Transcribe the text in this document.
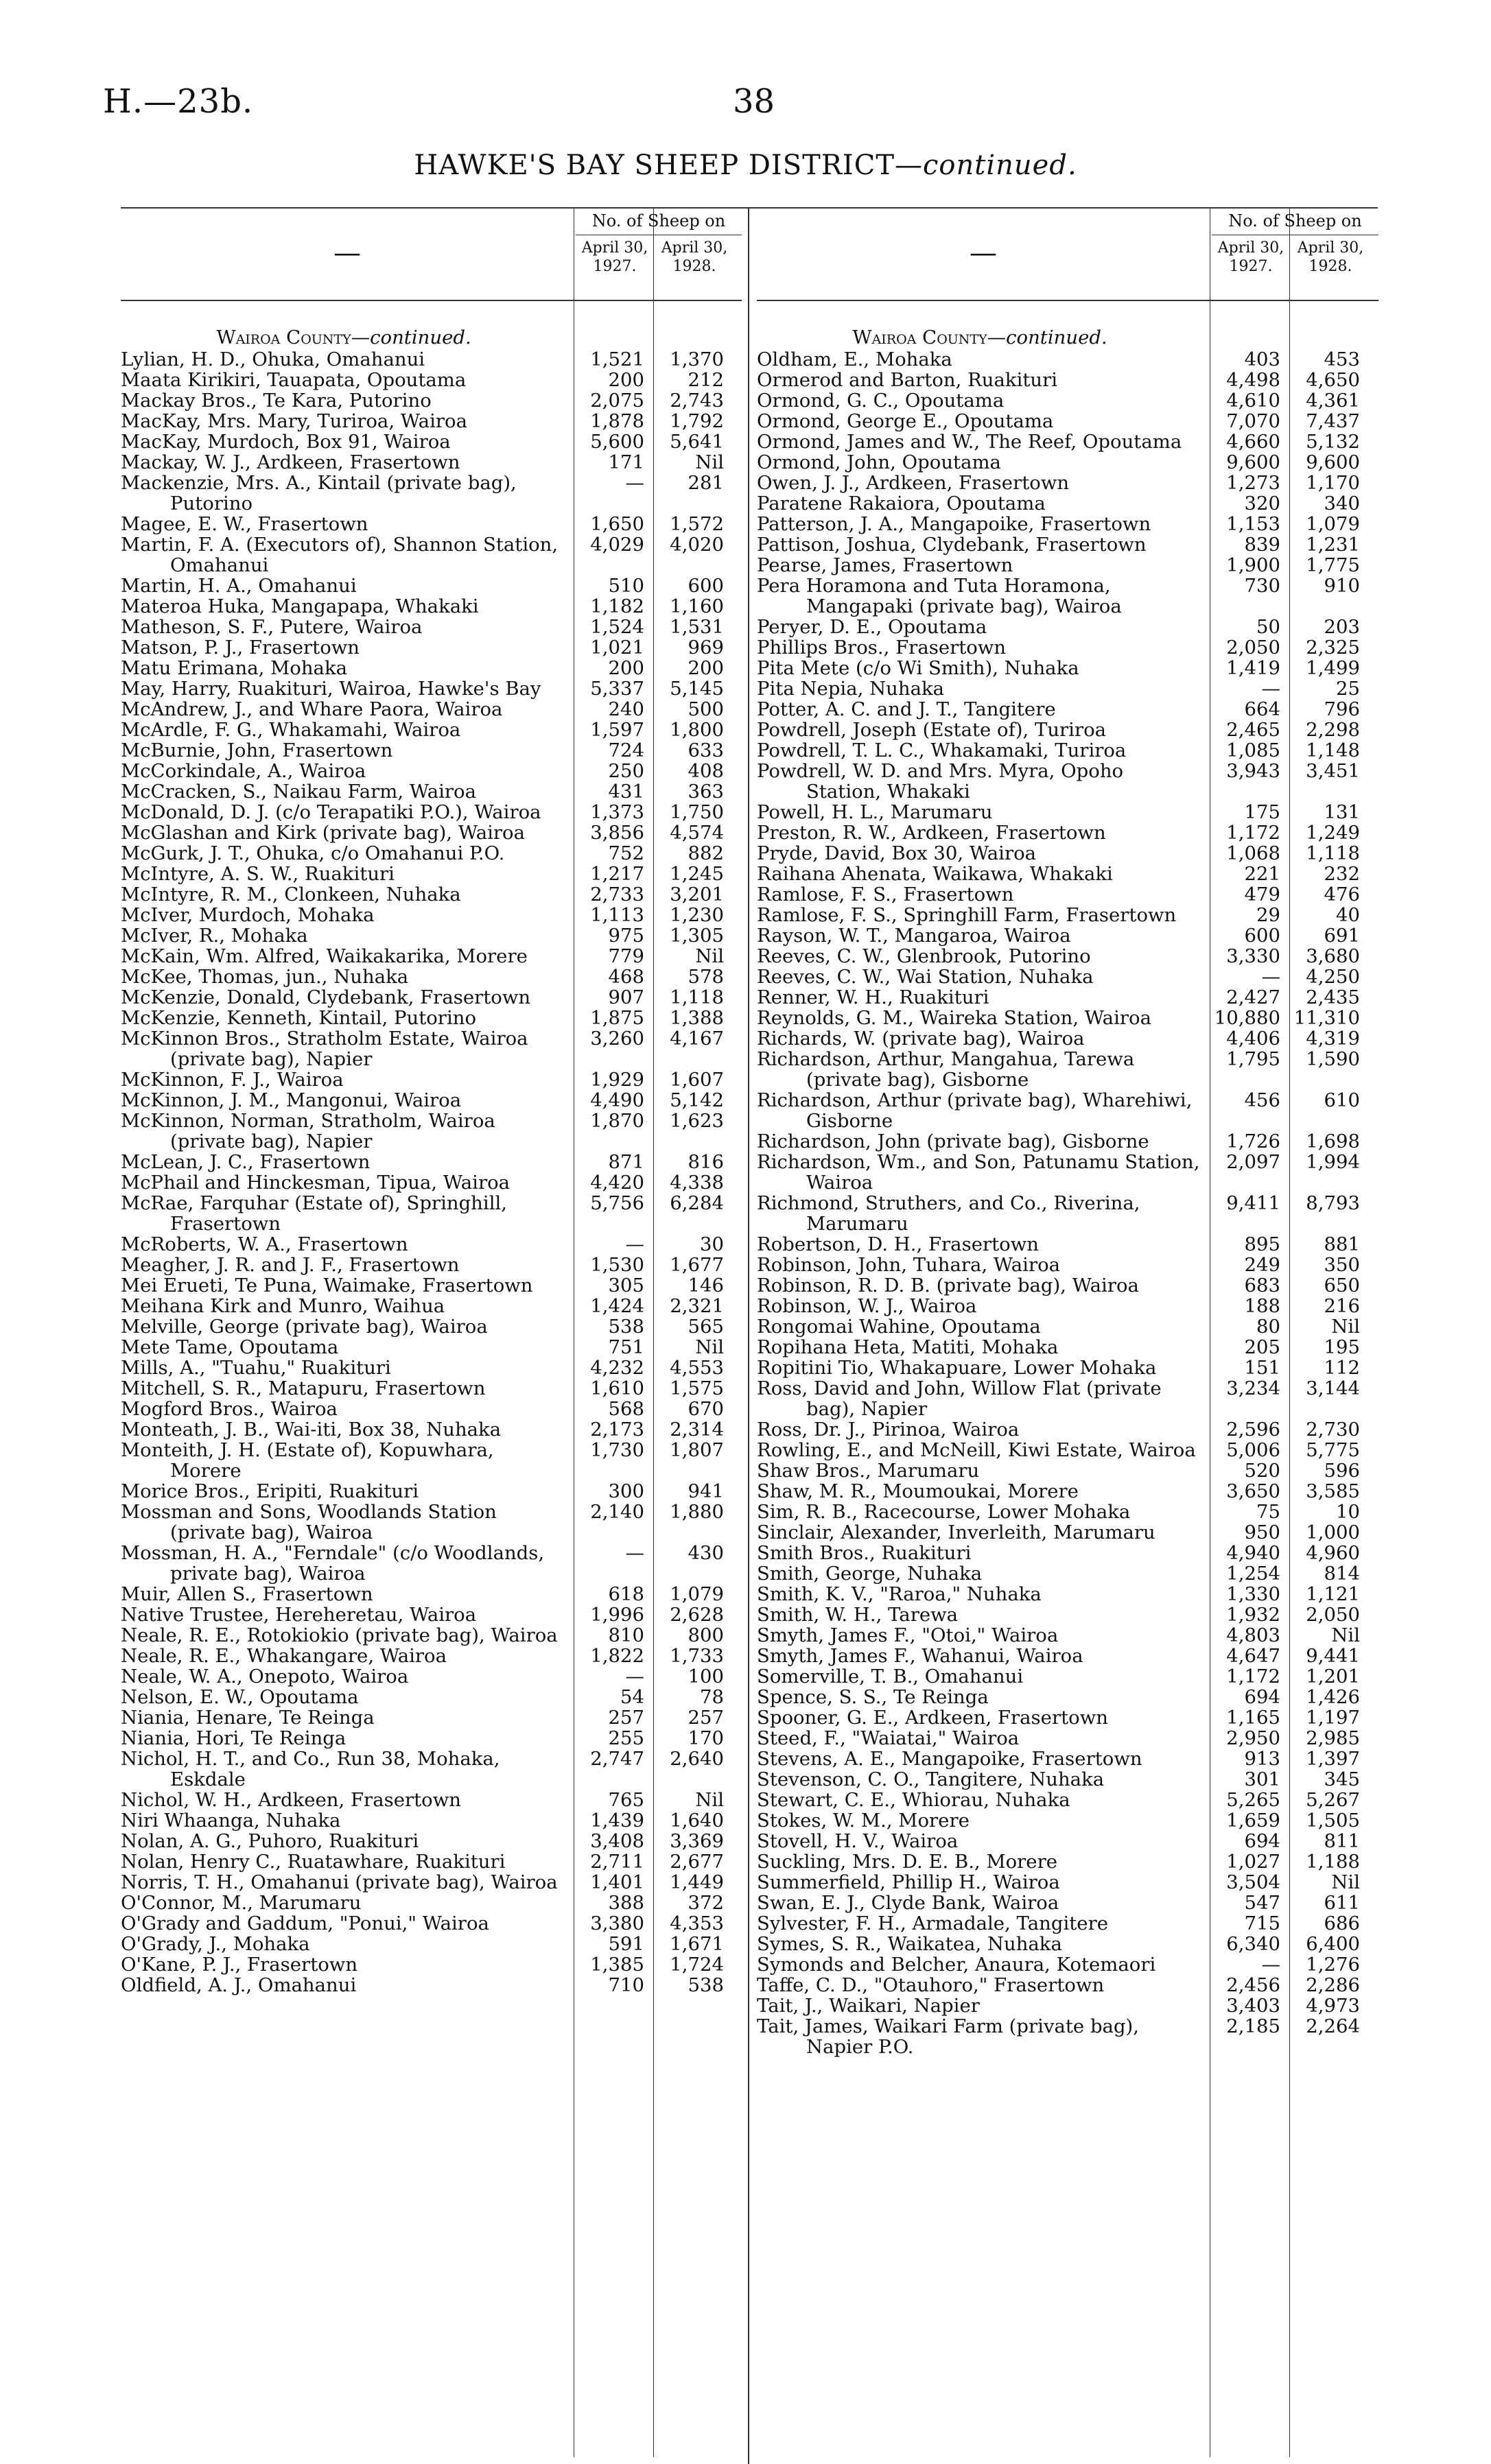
H.—23b.	38
HAWKE'S BAY SHEEP DISTRICT—continued.
—
No. of Sheep on
April 30,
1927.
April 30,
1928.
Wairoa County—continued.
Lylian, H. D., Ohuka, Omahanui	1,521	1,370
Maata Kirikiri, Tauapata, Opoutama	200	212
Mackay Bros., Te Kara, Putorino	2,075	2,743
MacKay, Mrs. Mary, Turiroa, Wairoa	1,878	1,792
MacKay, Murdoch, Box 91, Wairoa	5,600	5,641
Mackay, W. J., Ardkeen, Frasertown	171	Nil
Mackenzie, Mrs. A., Kintail (private bag), Putorino
—	281
Magee, E. W., Frasertown	1,650	1,572
Martin, F. A. (Executors of), Shannon Station, Omahanui
4,029	4,020
Martin, H. A., Omahanui	510	600
Materoa Huka, Mangapapa, Whakaki	1,182	1,160
Matheson, S. F., Putere, Wairoa	1,524	1,531
Matson, P. J., Frasertown	1,021	969
Matu Erimana, Mohaka	200	200
May, Harry, Ruakituri, Wairoa, Hawke's Bay	5,337	5,145
McAndrew, J., and Whare Paora, Wairoa	240	500
McArdle, F. G., Whakamahi, Wairoa	1,597	1,800
McBurnie, John, Frasertown	724	633
McCorkindale, A., Wairoa	250	408
McCracken, S., Naikau Farm, Wairoa	431	363
McDonald, D. J. (c/o Terapatiki P.O.), Wairoa	1,373	1,750
McGlashan and Kirk (private bag), Wairoa	3,856	4,574
McGurk, J. T., Ohuka, c/o Omahanui P.O.	752	882
McIntyre, A. S. W., Ruakituri	1,217	1,245
McIntyre, R. M., Clonkeen, Nuhaka	2,733	3,201
McIver, Murdoch, Mohaka	1,113	1,230
McIver, R., Mohaka	975	1,305
McKain, Wm. Alfred, Waikakarika, Morere	779	Nil
McKee, Thomas, jun., Nuhaka	468	578
McKenzie, Donald, Clydebank, Frasertown	907	1,118
McKenzie, Kenneth, Kintail, Putorino	1,875	1,388
McKinnon Bros., Stratholm Estate, Wairoa (private bag), Napier
3,260	4,167
McKinnon, F. J., Wairoa	1,929	1,607
McKinnon, J. M., Mangonui, Wairoa	4,490	5,142
McKinnon, Norman, Stratholm, Wairoa (private bag), Napier
1,870	1,623
McLean, J. C., Frasertown	871	816
McPhail and Hinckesman, Tipua, Wairoa	4,420	4,338
McRae, Farquhar (Estate of), Springhill, Frasertown
5,756	6,284
McRoberts, W. A., Frasertown	—	30
Meagher, J. R. and J. F., Frasertown	1,530	1,677
Mei Erueti, Te Puna, Waimake, Frasertown	305	146
Meihana Kirk and Munro, Waihua	1,424	2,321
Melville, George (private bag), Wairoa	538	565
Mete Tame, Opoutama	751	Nil
Mills, A., "Tuahu," Ruakituri	4,232	4,553
Mitchell, S. R., Matapuru, Frasertown	1,610	1,575
Mogford Bros., Wairoa	568	670
Monteath, J. B., Wai-iti, Box 38, Nuhaka	2,173	2,314
Monteith, J. H. (Estate of), Kopuwhara, Morere
1,730	1,807
Morice Bros., Eripiti, Ruakituri	300	941
Mossman and Sons, Woodlands Station (private bag), Wairoa
2,140	1,880
Mossman, H. A., "Ferndale" (c/o Woodlands, private bag), Wairoa
—	430
Muir, Allen S., Frasertown	618	1,079
Native Trustee, Hereheretau, Wairoa	1,996	2,628
Neale, R. E., Rotokiokio (private bag), Wairoa	810	800
Neale, R. E., Whakangare, Wairoa	1,822	1,733
Neale, W. A., Onepoto, Wairoa	—	100
Nelson, E. W., Opoutama	54	78
Niania, Henare, Te Reinga	257	257
Niania, Hori, Te Reinga	255	170
Nichol, H. T., and Co., Run 38, Mohaka, Eskdale
2,747	2,640
Nichol, W. H., Ardkeen, Frasertown	765	Nil
Niri Whaanga, Nuhaka	1,439	1,640
Nolan, A. G., Puhoro, Ruakituri	3,408	3,369
Nolan, Henry C., Ruatawhare, Ruakituri	2,711	2,677
Norris, T. H., Omahanui (private bag), Wairoa	1,401	1,449
O'Connor, M., Marumaru	388	372
O'Grady and Gaddum, "Ponui," Wairoa	3,380	4,353
O'Grady, J., Mohaka	591	1,671
O'Kane, P. J., Frasertown	1,385	1,724
Oldfield, A. J., Omahanui	710	538
—
No. of Sheep on
April 30,
1927.
April 30,
1928.
Wairoa County—continued.
Oldham, E., Mohaka	403	453
Ormerod and Barton, Ruakituri	4,498	4,650
Ormond, G. C., Opoutama	4,610	4,361
Ormond, George E., Opoutama	7,070	7,437
Ormond, James and W., The Reef, Opoutama	4,660	5,132
Ormond, John, Opoutama	9,600	9,600
Owen, J. J., Ardkeen, Frasertown	1,273	1,170
Paratene Rakaiora, Opoutama	320	340
Patterson, J. A., Mangapoike, Frasertown	1,153	1,079
Pattison, Joshua, Clydebank, Frasertown	839	1,231
Pearse, James, Frasertown	1,900	1,775
Pera Horamona and Tuta Horamona, Mangapaki (private bag), Wairoa
730	910
Peryer, D. E., Opoutama	50	203
Phillips Bros., Frasertown	2,050	2,325
Pita Mete (c/o Wi Smith), Nuhaka	1,419	1,499
Pita Nepia, Nuhaka	—	25
Potter, A. C. and J. T., Tangitere	664	796
Powdrell, Joseph (Estate of), Turiroa	2,465	2,298
Powdrell, T. L. C., Whakamaki, Turiroa	1,085	1,148
Powdrell, W. D. and Mrs. Myra, Opoho Station, Whakaki
3,943	3,451
Powell, H. L., Marumaru	175	131
Preston, R. W., Ardkeen, Frasertown	1,172	1,249
Pryde, David, Box 30, Wairoa	1,068	1,118
Raihana Ahenata, Waikawa, Whakaki	221	232
Ramlose, F. S., Frasertown	479	476
Ramlose, F. S., Springhill Farm, Frasertown	29	40
Rayson, W. T., Mangaroa, Wairoa	600	691
Reeves, C. W., Glenbrook, Putorino	3,330	3,680
Reeves, C. W., Wai Station, Nuhaka	—	4,250
Renner, W. H., Ruakituri	2,427	2,435
Reynolds, G. M., Waireka Station, Wairoa	10,880 11,310
Richards, W. (private bag), Wairoa	4,406	4,319
Richardson, Arthur, Mangahua, Tarewa (private bag), Gisborne
1,795	1,590
Richardson, Arthur (private bag), Wharehiwi, Gisborne
456	610
Richardson, John (private bag), Gisborne	1,726	1,698
Richardson, Wm., and Son, Patunamu Station, Wairoa
2,097	1,994
Richmond, Struthers, and Co., Riverina, Marumaru
9,411	8,793
Robertson, D. H., Frasertown	895	881
Robinson, John, Tuhara, Wairoa	249	350
Robinson, R. D. B. (private bag), Wairoa	683	650
Robinson, W. J., Wairoa	188	216
Rongomai Wahine, Opoutama	80	Nil
Ropihana Heta, Matiti, Mohaka	205	195
Ropitini Tio, Whakapuare, Lower Mohaka	151	112
Ross, David and John, Willow Flat (private bag), Napier
3,234	3,144
Ross, Dr. J., Pirinoa, Wairoa	2,596	2,730
Rowling, E., and McNeill, Kiwi Estate, Wairoa	5,006	5,775
Shaw Bros., Marumaru	520	596
Shaw, M. R., Moumoukai, Morere	3,650	3,585
Sim, R. B., Racecourse, Lower Mohaka	75	10
Sinclair, Alexander, Inverleith, Marumaru	950	1,000
Smith Bros., Ruakituri	4,940	4,960
Smith, George, Nuhaka	1,254	814
Smith, K. V., "Raroa," Nuhaka	1,330	1,121
Smith, W. H., Tarewa	1,932	2,050
Smyth, James F., "Otoi," Wairoa	4,803	Nil
Smyth, James F., Wahanui, Wairoa	4,647	9,441
Somerville, T. B., Omahanui	1,172	1,201
Spence, S. S., Te Reinga	694	1,426
Spooner, G. E., Ardkeen, Frasertown	1,165	1,197
Steed, F., "Waiatai," Wairoa	2,950	2,985
Stevens, A. E., Mangapoike, Frasertown	913	1,397
Stevenson, C. O., Tangitere, Nuhaka	301	345
Stewart, C. E., Whiorau, Nuhaka	5,265	5,267
Stokes, W. M., Morere	1,659	1,505
Stovell, H. V., Wairoa	694	811
Suckling, Mrs. D. E. B., Morere	1,027	1,188
Summerfield, Phillip H., Wairoa	3,504	Nil
Swan, E. J., Clyde Bank, Wairoa	547	611
Sylvester, F. H., Armadale, Tangitere	715	686
Symes, S. R., Waikatea, Nuhaka	6,340	6,400
Symonds and Belcher, Anaura, Kotemaori	—	1,276
Taffe, C. D., "Otauhoro," Frasertown	2,456	2,286
Tait, J., Waikari, Napier	3,403	4,973
Tait, James, Waikari Farm (private bag), Napier P.O.
2,185	2,264
